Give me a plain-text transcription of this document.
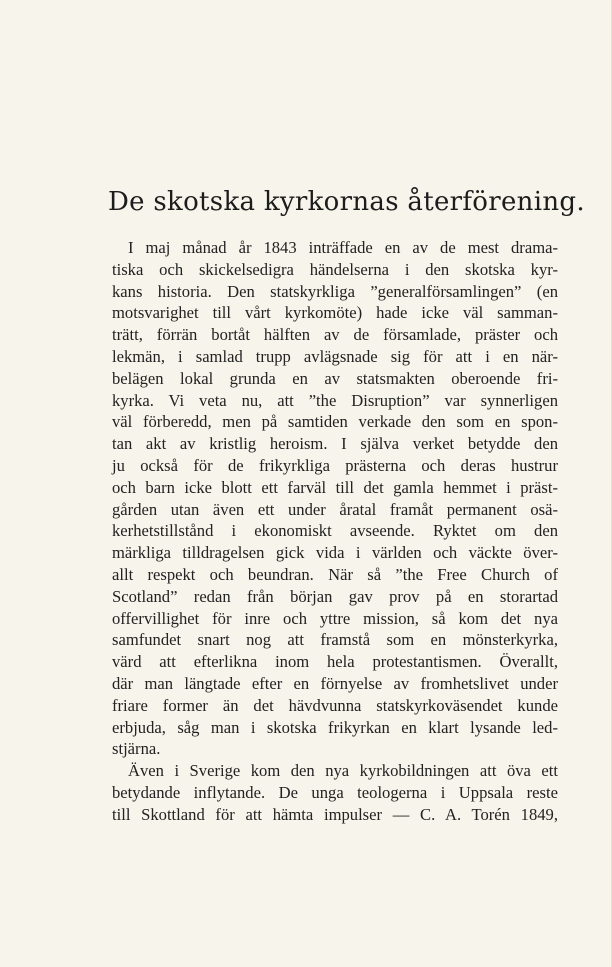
De skotska kyrkornas återförening.
I maj månad år 1843 inträffade en av de mest drama-
tiska och skickelsedigra händelserna i den skotska kyr-
kans historia. Den statskyrkliga ”generalförsamlingen” (en
motsvarighet till vårt kyrkomöte) hade icke väl samman-
trätt, förrän bortåt hälften av de församlade, präster och
lekmän, i samlad trupp avlägsnade sig för att i en när-
belägen lokal grunda en av statsmakten oberoende fri-
kyrka. Vi veta nu, att ”the Disruption” var synnerligen
väl förberedd, men på samtiden verkade den som en spon-
tan akt av kristlig heroism. I själva verket betydde den
ju också för de frikyrkliga prästerna och deras hustrur
och barn icke blott ett farväl till det gamla hemmet i präst-
gården utan även ett under åratal framåt permanent osä-
kerhetstillstånd i ekonomiskt avseende. Ryktet om den
märkliga tilldragelsen gick vida i världen och väckte över-
allt respekt och beundran. När så ”the Free Church of
Scotland” redan från början gav prov på en storartad
offervillighet för inre och yttre mission, så kom det nya
samfundet snart nog att framstå som en mönsterkyrka,
värd att efterlikna inom hela protestantismen. Överallt,
där man längtade efter en förnyelse av fromhetslivet under
friare former än det hävdvunna statskyrkoväsendet kunde
erbjuda, såg man i skotska frikyrkan en klart lysande led-
stjärna.
Även i Sverige kom den nya kyrkobildningen att öva ett
betydande inflytande. De unga teologerna i Uppsala reste
till Skottland för att hämta impulser — C. A. Torén 1849,
